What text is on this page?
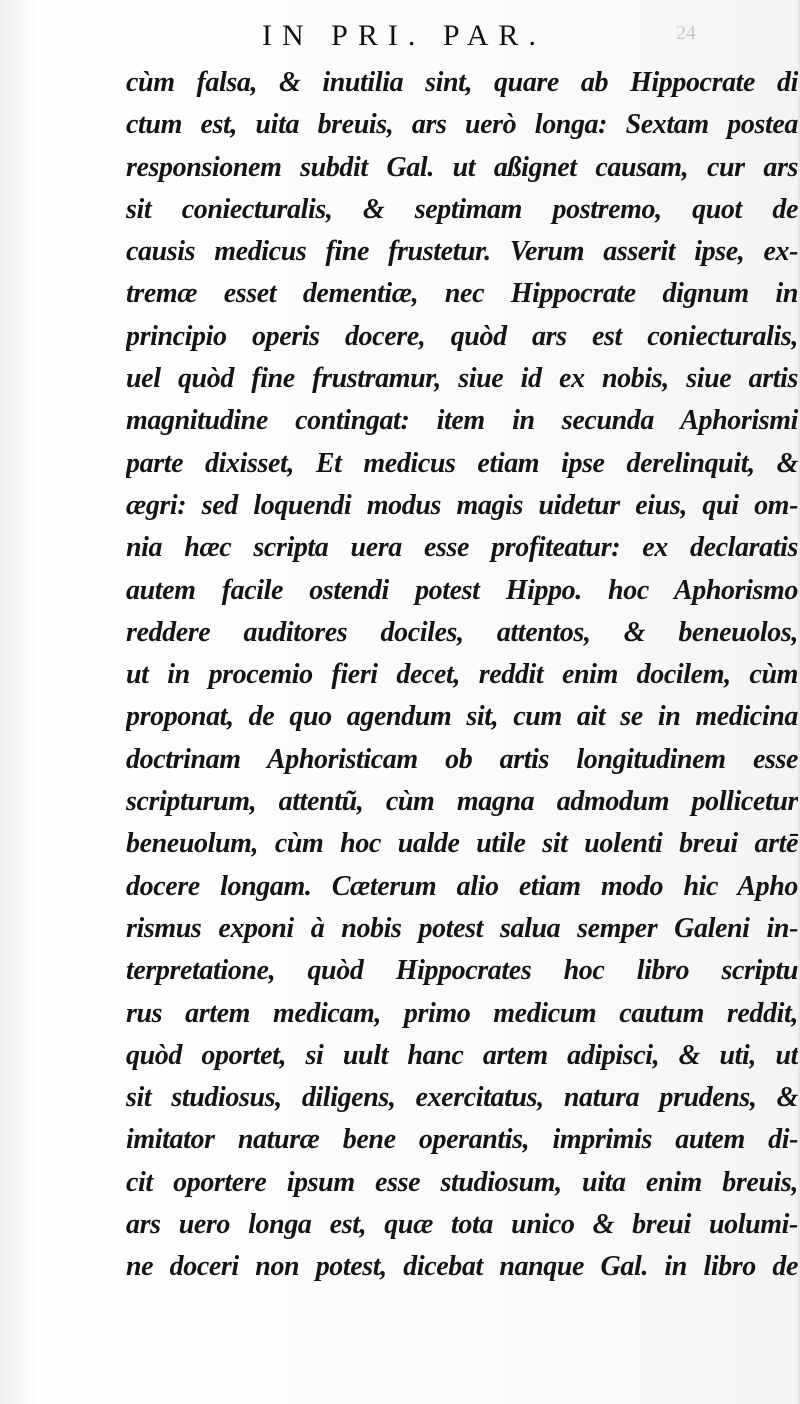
IN PRI. PAR.	24
cùm falsa, & inutilia sint, quare ab Hippocrate di
ctum est, uita breuis, ars uerò longa: Sextam postea
responsionem subdit Gal. ut aßignet causam, cur ars
sit coniecturalis, & septimam postremo, quot de
causis medicus fine frustetur. Verum asserit ipse, ex-
tremæ esset dementiæ, nec Hippocrate dignum in
principio operis docere, quòd ars est coniecturalis,
uel quòd fine frustramur, siue id ex nobis, siue artis
magnitudine contingat: item in secunda Aphorismi
parte dixisset, Et medicus etiam ipse derelinquit, &
ægri: sed loquendi modus magis uidetur eius, qui om-
nia hæc scripta uera esse profiteatur: ex declaratis
autem facile ostendi potest Hippo. hoc Aphorismo
reddere auditores dociles, attentos, & beneuolos,
ut in procemio fieri decet, reddit enim docilem, cùm
proponat, de quo agendum sit, cum ait se in medicina
doctrinam Aphoristicam ob artis longitudinem esse
scripturum, attentũ, cùm magna admodum pollicetur
beneuolum, cùm hoc ualde utile sit uolenti breui artē
docere longam. Cæterum alio etiam modo hic Apho
rismus exponi à nobis potest salua semper Galeni in-
terpretatione, quòd Hippocrates hoc libro scriptu
rus artem medicam, primo medicum cautum reddit,
quòd oportet, si uult hanc artem adipisci, & uti, ut
sit studiosus, diligens, exercitatus, natura prudens, &
imitator naturæ bene operantis, imprimis autem di-
cit oportere ipsum esse studiosum, uita enim breuis,
ars uero longa est, quæ tota unico & breui uolumi-
ne doceri non potest, dicebat nanque Gal. in libro de
